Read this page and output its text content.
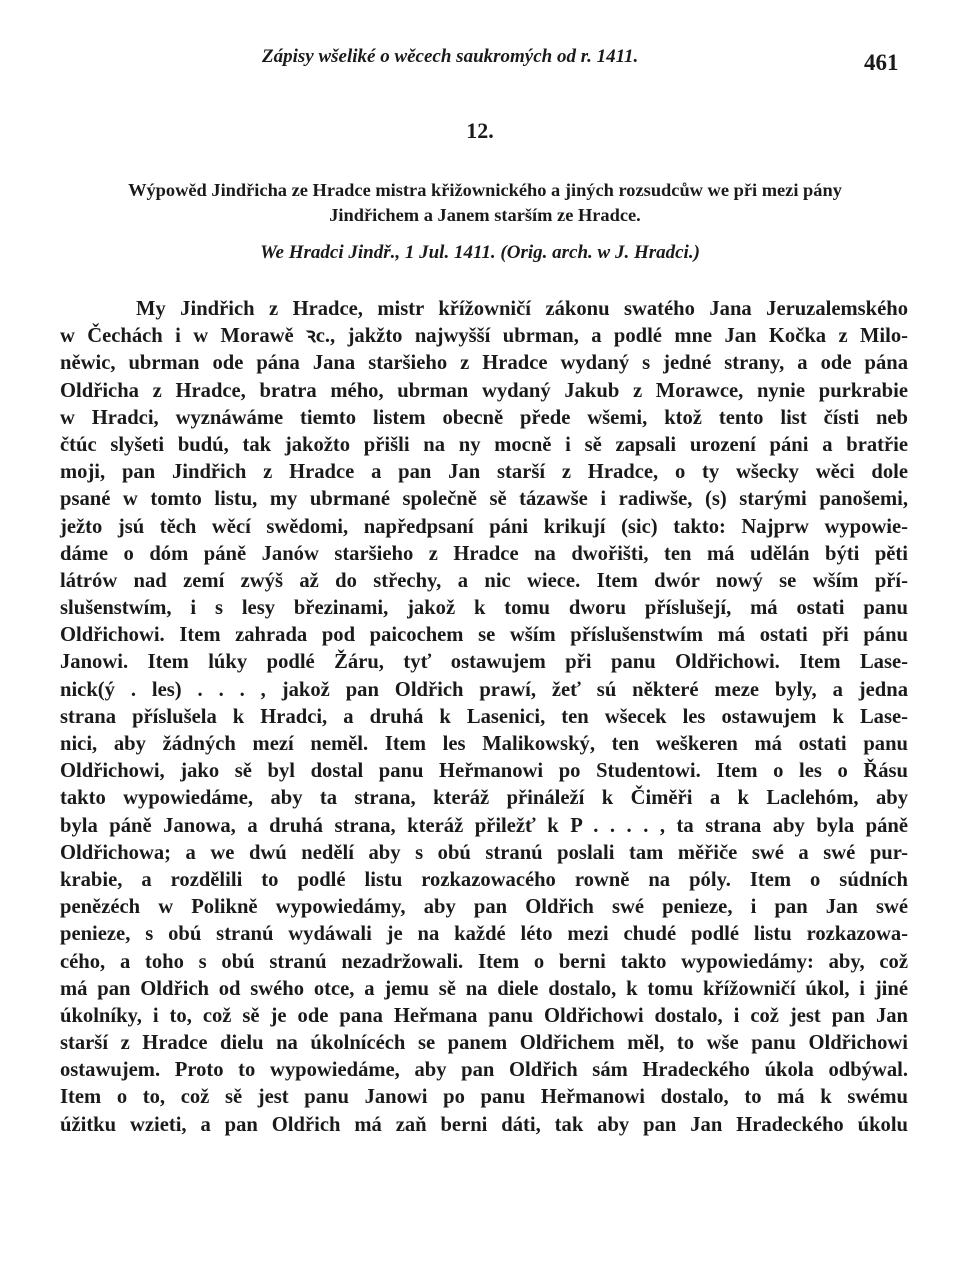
Zápisy wšeliké o wěcech saukromých od r. 1411.	461
12.
Wýpowěd Jindřicha ze Hradce mistra křižownického a jiných rozsudcůw we při mezi pány
Jindřichem a Janem starším ze Hradce.
We Hradci Jindř., 1 Jul. 1411. (Orig. arch. w J. Hradci.)
My Jindřich z Hradce, mistr křížowničí zákonu swatého Jana Jeruzalemského
w Čechách i w Morawě ꝛc., jakžto najwyšší ubrman, a podlé mne Jan Kočka z Milo-
něwic, ubrman ode pána Jana staršieho z Hradce wydaný s jedné strany, a ode pána
Oldřicha z Hradce, bratra mého, ubrman wydaný Jakub z Morawce, nynie purkrabie
w Hradci, wyznáwáme tiemto listem obecně přede wšemi, ktož tento list čísti neb
čtúc slyšeti budú, tak jakožto přišli na ny mocně i sě zapsali urození páni a bratřie
moji, pan Jindřich z Hradce a pan Jan starší z Hradce, o ty wšecky wěci dole
psané w tomto listu, my ubrmané společně sě tázawše i radiwše, (s) starými panošemi,
ježto jsú těch wěcí swědomi, napředpsaní páni krikují (sic) takto: Najprw wypowie-
dáme o dóm páně Janów staršieho z Hradce na dwořišti, ten má udělán býti pěti
látrów nad zemí zwýš až do střechy, a nic wiece. Item dwór nowý se wším pří-
slušenstwím, i s lesy březinami, jakož k tomu dworu příslušejí, má ostati panu
Oldřichowi. Item zahrada pod paicochem se wším příslušenstwím má ostati při pánu
Janowi. Item lúky podlé Žáru, tyť ostawujem při panu Oldřichowi. Item Lase-
nick(ý . les) . . . , jakož pan Oldřich prawí, žeť sú některé meze byly, a jedna
strana příslušela k Hradci, a druhá k Lasenici, ten wšecek les ostawujem k Lase-
nici, aby žádných mezí neměl. Item les Malikowský, ten weškeren má ostati panu
Oldřichowi, jako sě byl dostal panu Heřmanowi po Studentowi. Item o les o Řásu
takto wypowiedáme, aby ta strana, kteráž přináleží k Čiměři a k Laclehóm, aby
byla páně Janowa, a druhá strana, kteráž přiležť k P . . . . , ta strana aby byla páně
Oldřichowa; a we dwú nedělí aby s obú stranú poslali tam měřiče swé a swé pur-
krabie, a rozdělili to podlé listu rozkazowacého rowně na póly. Item o súdních
penězéch w Polikně wypowiedámy, aby pan Oldřich swé penieze, i pan Jan swé
penieze, s obú stranú wydáwali je na každé léto mezi chudé podlé listu rozkazowa-
cého, a toho s obú stranú nezadržowali. Item o berni takto wypowiedámy: aby, což
má pan Oldřich od swého otce, a jemu sě na diele dostalo, k tomu křížowničí úkol, i jiné
úkolníky, i to, což sě je ode pana Heřmana panu Oldřichowi dostalo, i což jest pan Jan
starší z Hradce dielu na úkolnícéch se panem Oldřichem měl, to wše panu Oldřichowi
ostawujem. Proto to wypowiedáme, aby pan Oldřich sám Hradeckého úkola odbýwal.
Item o to, což sě jest panu Janowi po panu Heřmanowi dostalo, to má k swému
úžitku wzieti, a pan Oldřich má zaň berni dáti, tak aby pan Jan Hradeckého úkolu
